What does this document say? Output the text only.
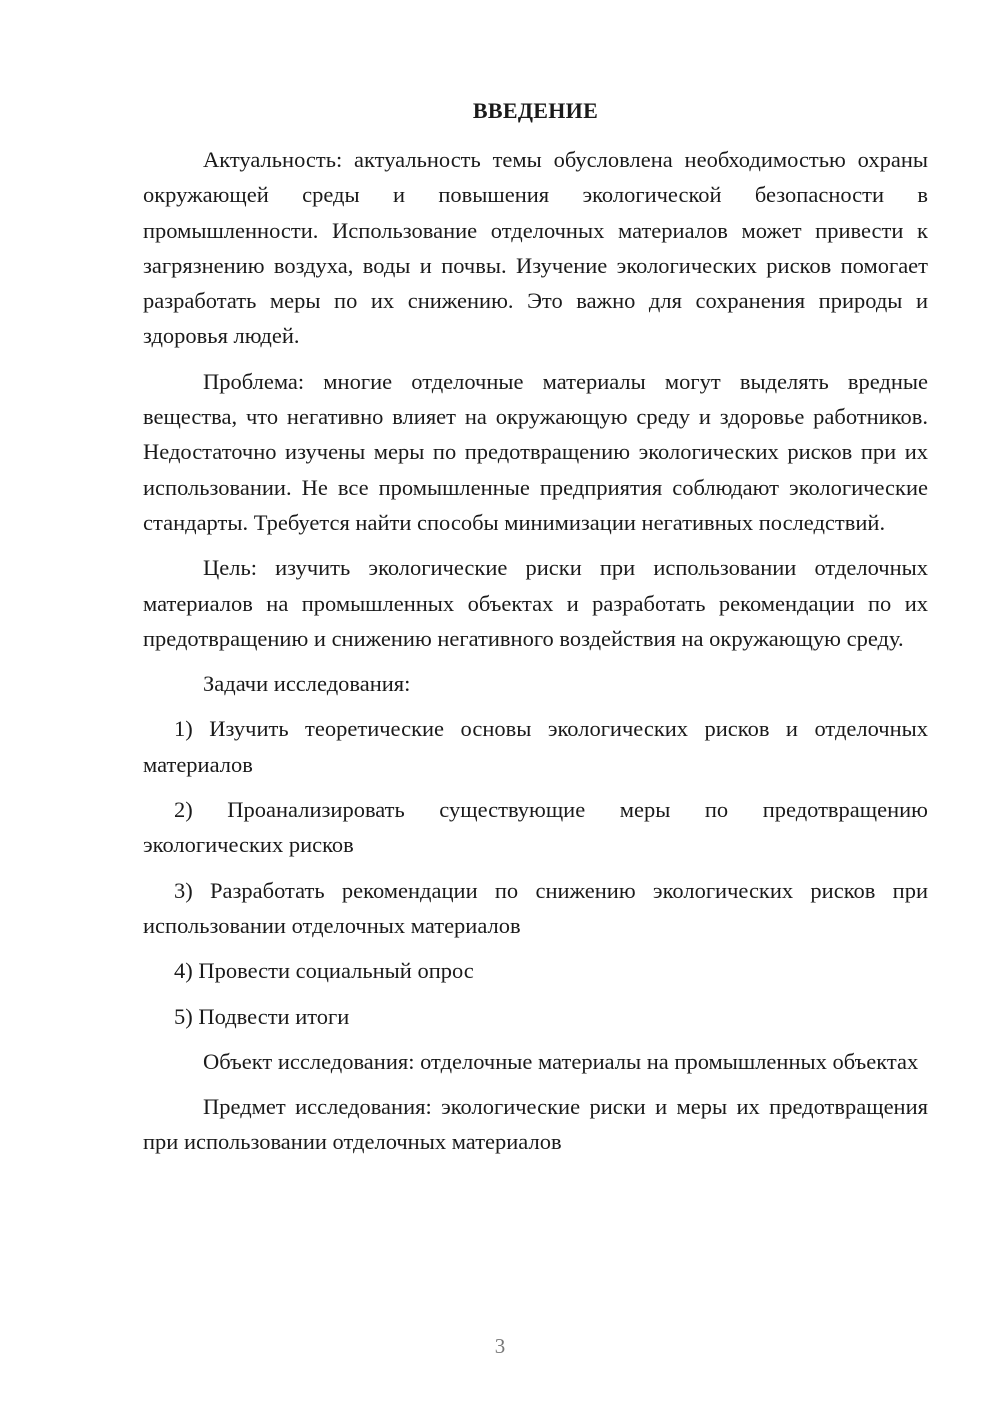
ВВЕДЕНИЕ

Актуальность: актуальность темы обусловлена необходимостью охраны окружающей среды и повышения экологической безопасности в промышленности. Использование отделочных материалов может привести к загрязнению воздуха, воды и почвы. Изучение экологических рисков помогает разработать меры по их снижению. Это важно для сохранения природы и здоровья людей.

Проблема: многие отделочные материалы могут выделять вредные вещества, что негативно влияет на окружающую среду и здоровье работников. Недостаточно изучены меры по предотвращению экологических рисков при их использовании. Не все промышленные предприятия соблюдают экологические стандарты. Требуется найти способы минимизации негативных последствий.

Цель: изучить экологические риски при использовании отделочных материалов на промышленных объектах и разработать рекомендации по их предотвращению и снижению негативного воздействия на окружающую среду.

Задачи исследования:

1) Изучить теоретические основы экологических рисков и отделочных материалов

2) Проанализировать существующие меры по предотвращению экологических рисков

3) Разработать рекомендации по снижению экологических рисков при использовании отделочных материалов

4) Провести социальный опрос

5) Подвести итоги

Объект исследования: отделочные материалы на промышленных объектах

Предмет исследования: экологические риски и меры их предотвращения при использовании отделочных материалов

3
